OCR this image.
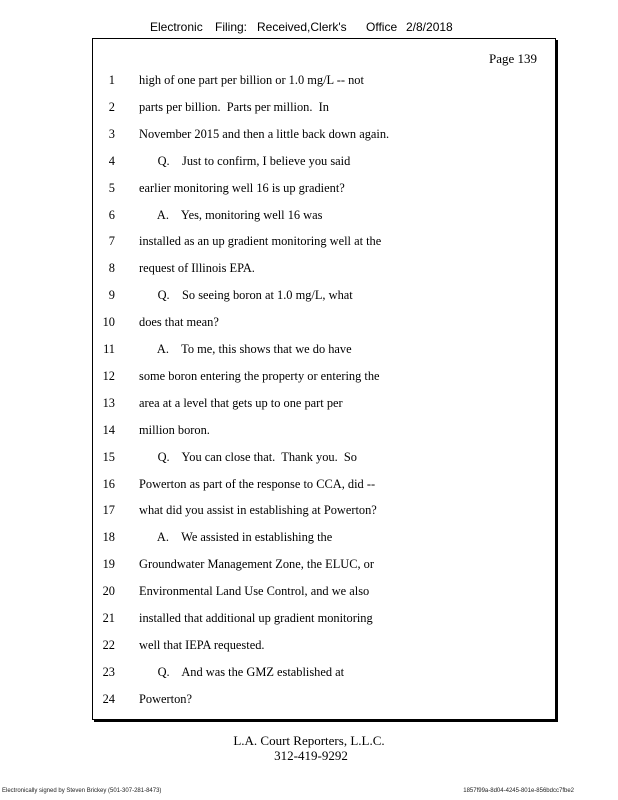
Electronic Filing: Received,Clerk's Office 2/8/2018
Page 139
1 high of one part per billion or 1.0 mg/L -- not
2 parts per billion.  Parts per million.  In
3 November 2015 and then a little back down again.
4 Q.    Just to confirm, I believe you said
5 earlier monitoring well 16 is up gradient?
6 A.    Yes, monitoring well 16 was
7 installed as an up gradient monitoring well at the
8 request of Illinois EPA.
9 Q.    So seeing boron at 1.0 mg/L, what
10 does that mean?
11 A.    To me, this shows that we do have
12 some boron entering the property or entering the
13 area at a level that gets up to one part per
14 million boron.
15 Q.    You can close that.  Thank you.  So
16 Powerton as part of the response to CCA, did --
17 what did you assist in establishing at Powerton?
18 A.    We assisted in establishing the
19 Groundwater Management Zone, the ELUC, or
20 Environmental Land Use Control, and we also
21 installed that additional up gradient monitoring
22 well that IEPA requested.
23 Q.    And was the GMZ established at
24 Powerton?
L.A. Court Reporters, L.L.C.
312-419-9292
Electronically signed by Steven Brickey (501-307-281-8473)	1857f99a-8d04-4245-801e-856bdcc7fbe2
